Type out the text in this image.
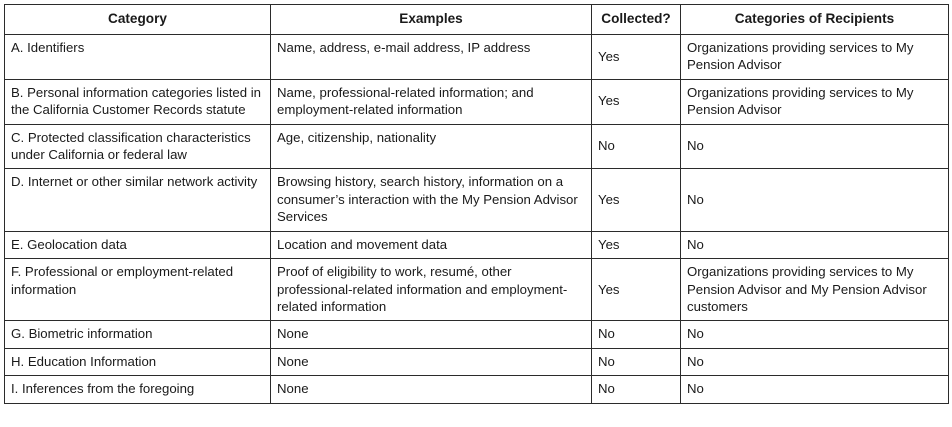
Category	Examples	Collected?	Categories of Recipients
A. Identifiers	Name, address, e-mail address, IP address	Yes	Organizations providing services to My Pension Advisor
B. Personal information categories listed in the California Customer Records statute	Name, professional-related information; and employment-related information	Yes	Organizations providing services to My Pension Advisor
C. Protected classification characteristics under California or federal law	Age, citizenship, nationality	No	No
D. Internet or other similar network activity	Browsing history, search history, information on a consumer’s interaction with the My Pension Advisor Services	Yes	No
E. Geolocation data	Location and movement data	Yes	No
F. Professional or employment-related information	Proof of eligibility to work, resumé, other professional-related information and employment-related information	Yes	Organizations providing services to My Pension Advisor and My Pension Advisor customers
G. Biometric information	None	No	No
H. Education Information	None	No	No
I. Inferences from the foregoing	None	No	No
